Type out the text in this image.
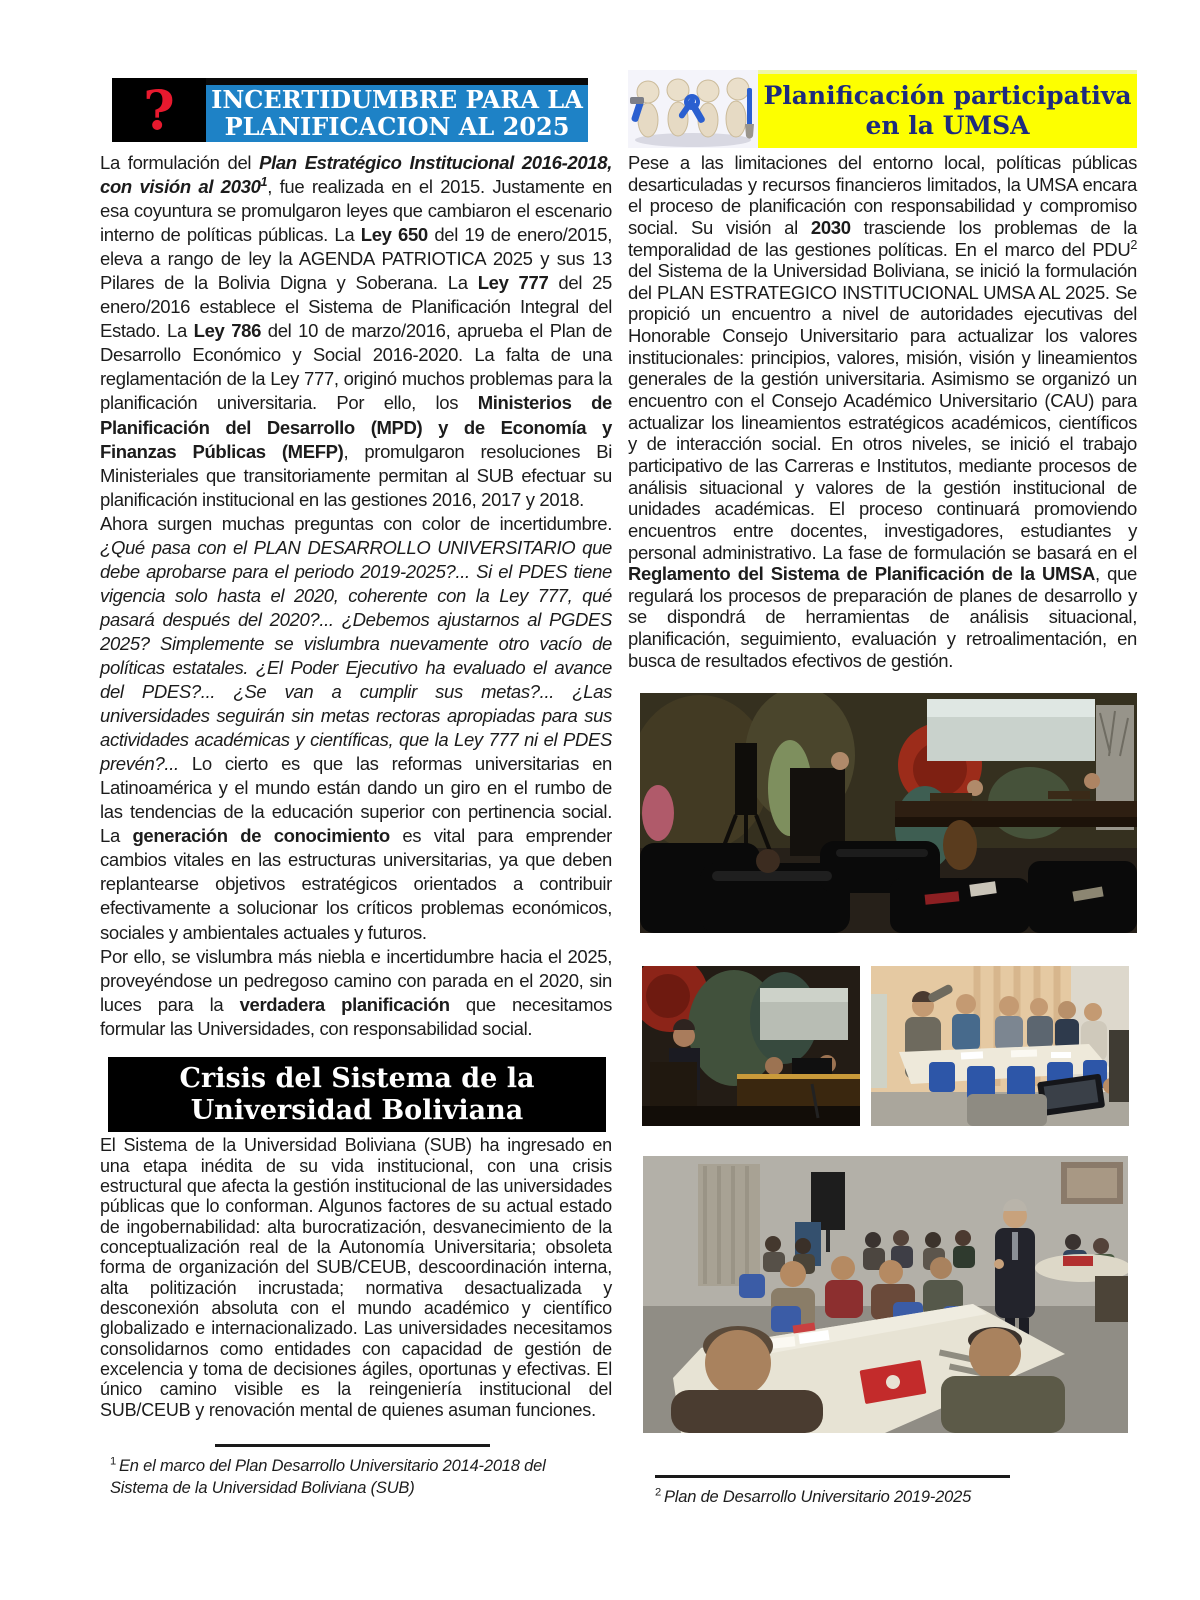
?	INCERTIDUMBRE PARA LA
PLANIFICACION AL 2025

La formulación del Plan Estratégico Institucional 2016-2018, con visión al 2030$^1$, fue realizada en el 2015. Justamente en esa coyuntura se promulgaron leyes que cambiaron el escenario interno de políticas públicas. La Ley 650 del 19 de enero/2015, eleva a rango de ley la AGENDA PATRIOTICA 2025 y sus 13 Pilares de la Bolivia Digna y Soberana. La Ley 777 del 25 enero/2016 establece el Sistema de Planificación Integral del Estado. La Ley 786 del 10 de marzo/2016, aprueba el Plan de Desarrollo Económico y Social 2016-2020. La falta de una reglamentación de la Ley 777, originó muchos problemas para la planificación universitaria. Por ello, los Ministerios de Planificación del Desarrollo (MPD) y de Economía y Finanzas Públicas (MEFP), promulgaron resoluciones Bi Ministeriales que transitoriamente permitan al SUB efectuar su planificación institucional en las gestiones 2016, 2017 y 2018.

Ahora surgen muchas preguntas con color de incertidumbre. ¿Qué pasa con el PLAN DESARROLLO UNIVERSITARIO que debe aprobarse para el periodo 2019-2025?... Si el PDES tiene vigencia solo hasta el 2020, coherente con la Ley 777, qué pasará después del 2020?... ¿Debemos ajustarnos al PGDES 2025? Simplemente se vislumbra nuevamente otro vacío de políticas estatales. ¿El Poder Ejecutivo ha evaluado el avance del PDES?... ¿Se van a cumplir sus metas?... ¿Las universidades seguirán sin metas rectoras apropiadas para sus actividades académicas y científicas, que la Ley 777 ni el PDES prevén?... Lo cierto es que las reformas universitarias en Latinoamérica y el mundo están dando un giro en el rumbo de las tendencias de la educación superior con pertinencia social. La generación de conocimiento es vital para emprender cambios vitales en las estructuras universitarias, ya que deben replantearse objetivos estratégicos orientados a contribuir efectivamente a solucionar los críticos problemas económicos, sociales y ambientales actuales y futuros.

Por ello, se vislumbra más niebla e incertidumbre hacia el 2025, proveyéndose un pedregoso camino con parada en el 2020, sin luces para la verdadera planificación que necesitamos formular las Universidades, con responsabilidad social.

Crisis del Sistema de la
Universidad Boliviana

El Sistema de la Universidad Boliviana (SUB) ha ingresado en una etapa inédita de su vida institucional, con una crisis estructural que afecta la gestión institucional de las universidades públicas que lo conforman. Algunos factores de su actual estado de ingobernabilidad: alta burocratización, desvanecimiento de la conceptualización real de la Autonomía Universitaria; obsoleta forma de organización del SUB/CEUB, descoordinación interna, alta politización incrustada; normativa desactualizada y desconexión absoluta con el mundo académico y científico globalizado e internacionalizado. Las universidades necesitamos consolidarnos como entidades con capacidad de gestión de excelencia y toma de decisiones ágiles, oportunas y efectivas. El único camino visible es la reingeniería institucional del SUB/CEUB y renovación mental de quienes asuman funciones.

$^1$ En el marco del Plan Desarrollo Universitario 2014-2018 del Sistema de la Universidad Boliviana (SUB)

Planificación participativa
en la UMSA

Pese a las limitaciones del entorno local, políticas públicas desarticuladas y recursos financieros limitados, la UMSA encara el proceso de planificación con responsabilidad y compromiso social. Su visión al 2030 trasciende los problemas de la temporalidad de las gestiones políticas. En el marco del PDU$^2$ del Sistema de la Universidad Boliviana, se inició la formulación del PLAN ESTRATEGICO INSTITUCIONAL UMSA AL 2025. Se propició un encuentro a nivel de autoridades ejecutivas del Honorable Consejo Universitario para actualizar los valores institucionales: principios, valores, misión, visión y lineamientos generales de la gestión universitaria. Asimismo se organizó un encuentro con el Consejo Académico Universitario (CAU) para actualizar los lineamientos estratégicos académicos, científicos y de interacción social. En otros niveles, se inició el trabajo participativo de las Carreras e Institutos, mediante procesos de análisis situacional y valores de la gestión institucional de unidades académicas. El proceso continuará promoviendo encuentros entre docentes, investigadores, estudiantes y personal administrativo. La fase de formulación se basará en el Reglamento del Sistema de Planificación de la UMSA, que regulará los procesos de preparación de planes de desarrollo y se dispondrá de herramientas de análisis situacional, planificación, seguimiento, evaluación y retroalimentación, en busca de resultados efectivos de gestión.

$^2$ Plan de Desarrollo Universitario 2019-2025
